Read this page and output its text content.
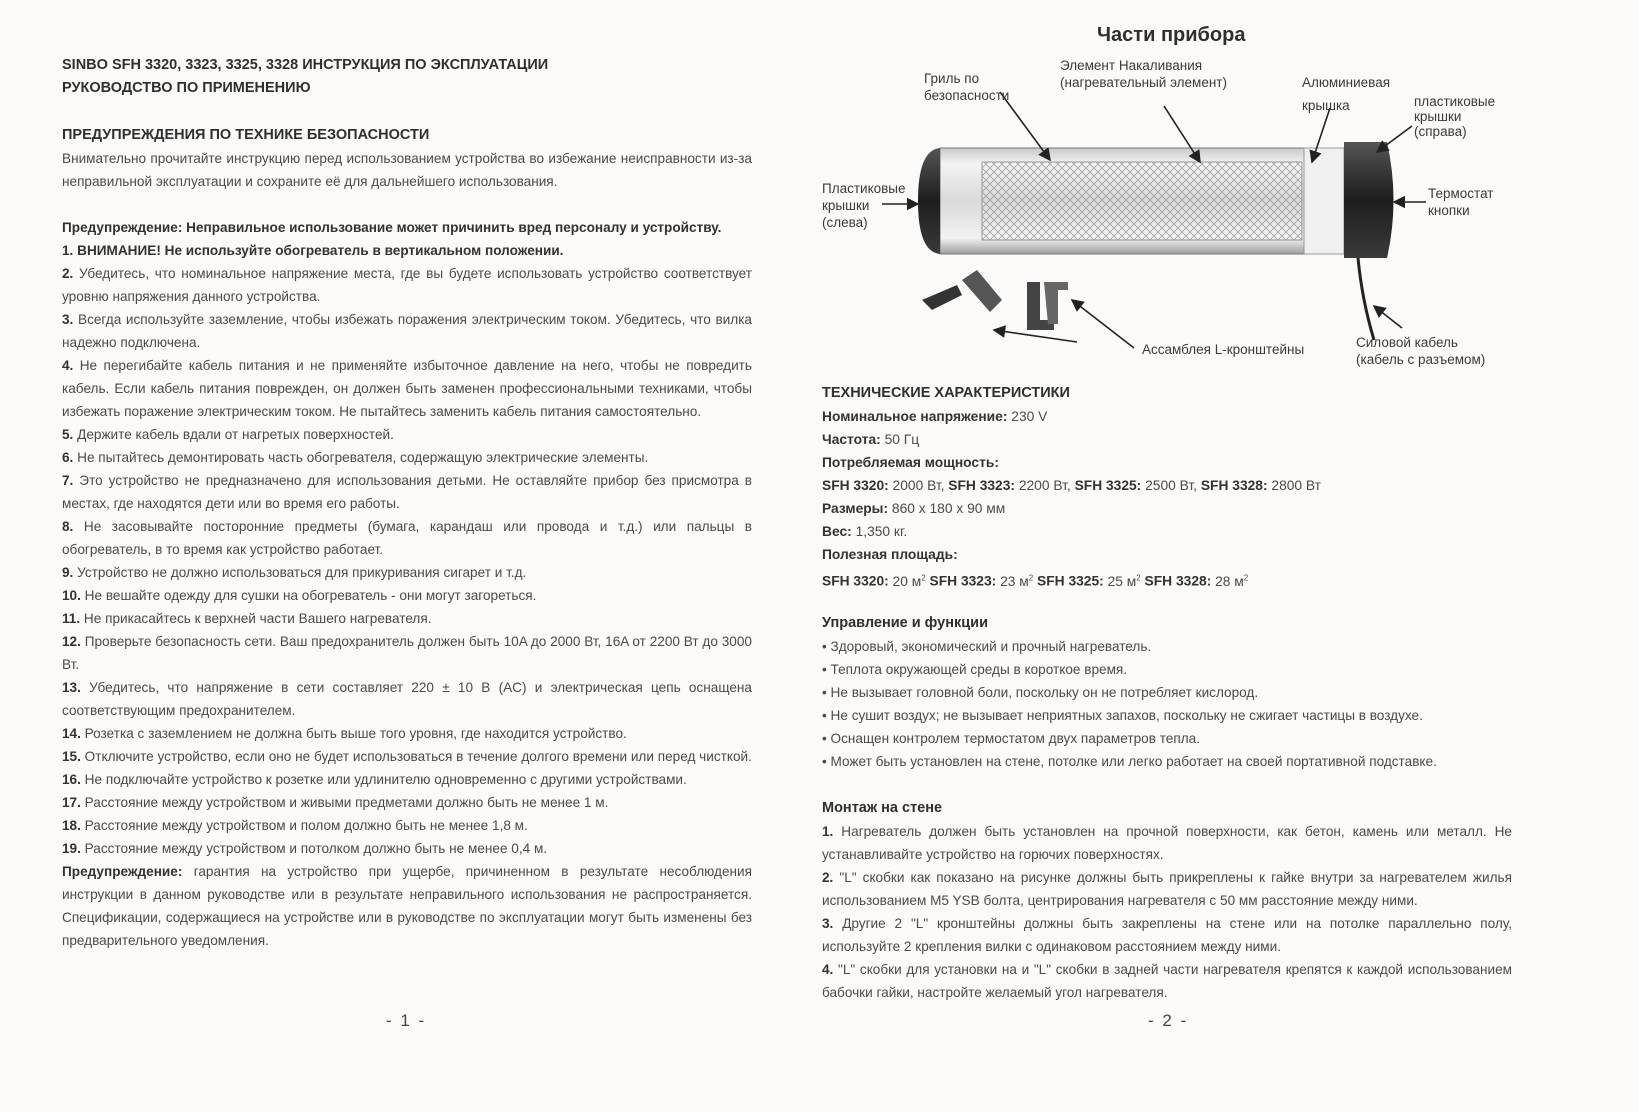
SINBO SFH 3320, 3323, 3325, 3328 ИНСТРУКЦИЯ ПО ЭКСПЛУАТАЦИИ
РУКОВОДСТВО ПО ПРИМЕНЕНИЮ
ПРЕДУПРЕЖДЕНИЯ ПО ТЕХНИКЕ БЕЗОПАСНОСТИ
Внимательно прочитайте инструкцию перед использованием устройства во избежание неисправности из-за неправильной эксплуатации и сохраните её для дальнейшего использования.
Предупреждение: Неправильное использование может причинить вред персоналу и устройству.

1. ВНИМАНИЕ! Не используйте обогреватель в вертикальном положении.

2. Убедитесь, что номинальное напряжение места, где вы будете использовать устройство соответствует уровню напряжения данного устройства.

3. Всегда используйте заземление, чтобы избежать поражения электрическим током. Убедитесь, что вилка надежно подключена.

4. Не перегибайте кабель питания и не применяйте избыточное давление на него, чтобы не повредить кабель. Если кабель питания поврежден, он должен быть заменен профессиональными техниками, чтобы избежать поражение электрическим током. Не пытайтесь заменить кабель питания самостоятельно.

5. Держите кабель вдали от нагретых поверхностей.

6. Не пытайтесь демонтировать часть обогревателя, содержащую электрические элементы.

7. Это устройство не предназначено для использования детьми. Не оставляйте прибор без присмотра в местах, где находятся дети или во время его работы.

8. Не засовывайте посторонние предметы (бумага, карандаш или провода и т.д.) или пальцы в обогреватель, в то время как устройство работает.

9. Устройство не должно использоваться для прикуривания сигарет и т.д.

10. Не вешайте одежду для сушки на обогреватель - они могут загореться.

11. Не прикасайтесь к верхней части Вашего нагревателя.

12. Проверьте безопасность сети. Ваш предохранитель должен быть 10A до 2000 Вт, 16A от 2200 Вт до 3000 Вт.

13. Убедитесь, что напряжение в сети составляет 220 ± 10 В (AC) и электрическая цепь оснащена соответствующим предохранителем.

14. Розетка с заземлением не должна быть выше того уровня, где находится устройство.

15. Отключите устройство, если оно не будет использоваться в течение долгого времени или перед чисткой.

16. Не подключайте устройство к розетке или удлинителю одновременно с другими устройствами.

17. Расстояние между устройством и живыми предметами должно быть не менее 1 м.

18. Расстояние между устройством и полом должно быть не менее 1,8 м.

19. Расстояние между устройством и потолком должно быть не менее 0,4 м.

Предупреждение: гарантия на устройство при ущербе, причиненном в результате несоблюдения инструкции в данном руководстве или в результате неправильного использования не распространяется. Спецификации, содержащиеся на устройстве или в руководстве по эксплуатации могут быть изменены без предварительного уведомления.
- 1 -
Части прибора
Гриль по
безопасности
Элемент Накаливания
(нагревательный элемент)	Алюминиевая
крышка	пластиковые
крышки
(справа)
Пластиковые
крышки
(слева)
Термостат
кнопки
Ассамблея L-кронштейны	Силовой кабель
(кабель с разъемом)
ТЕХНИЧЕСКИЕ ХАРАКТЕРИСТИКИ

Номинальное напряжение: 230 V

Частота: 50 Гц

Потребляемая мощность:

SFH 3320: 2000 Вт, SFH 3323: 2200 Вт, SFH 3325: 2500 Вт, SFH 3328: 2800 Вт

Размеры: 860 x 180 x 90 мм

Вес: 1,350 кг.

Полезная площадь:

SFH 3320: 20 $м^2$ SFH 3323: 23 $м^2$ SFH 3325: 25 $м^2$ SFH 3328: 28 $м^2$

Управление и функции

• Здоровый, экономический и прочный нагреватель.

• Теплота окружающей среды в короткое время.

• Не вызывает головной боли, поскольку он не потребляет кислород.

• Не сушит воздух; не вызывает неприятных запахов, поскольку не сжигает частицы в воздухе.

• Оснащен контролем термостатом двух параметров тепла.

• Может быть установлен на стене, потолке или легко работает на своей портативной подставке.

Монтаж на стене

1. Нагреватель должен быть установлен на прочной поверхности, как бетон, камень или металл. Не устанавливайте устройство на горючих поверхностях.

2. "L" скобки как показано на рисунке должны быть прикреплены к гайке внутри за нагревателем жилья использованием M5 YSB болта, центрирования нагревателя с 50 мм расстояние между ними.

3. Другие 2 "L" кронштейны должны быть закреплены на стене или на потолке параллельно полу, используйте 2 крепления вилки с одинаковом расстоянием между ними.

4. "L" скобки для установки на и "L" скобки в задней части нагревателя крепятся к каждой использованием бабочки гайки, настройте желаемый угол нагревателя.

- 2 -
